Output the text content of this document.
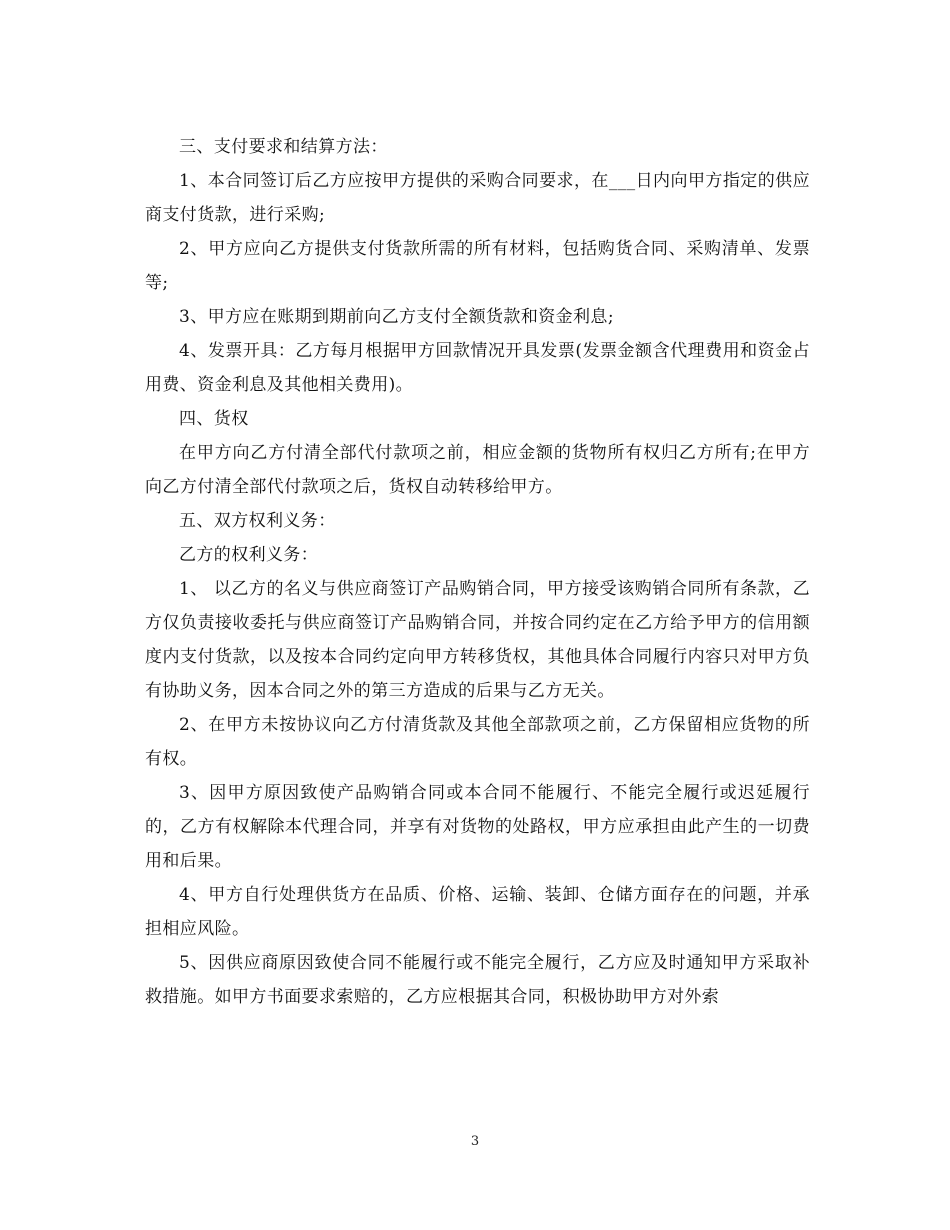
三、支付要求和结算方法：

1、本合同签订后乙方应按甲方提供的采购合同要求，在___日内向甲方指定的供应商支付货款，进行采购;

2、甲方应向乙方提供支付货款所需的所有材料，包括购货合同、采购清单、发票等;

3、甲方应在账期到期前向乙方支付全额货款和资金利息;

4、发票开具：乙方每月根据甲方回款情况开具发票(发票金额含代理费用和资金占用费、资金利息及其他相关费用)。

四、货权

在甲方向乙方付清全部代付款项之前，相应金额的货物所有权归乙方所有;在甲方向乙方付清全部代付款项之后，货权自动转移给甲方。

五、双方权利义务：

乙方的权利义务：

1、 以乙方的名义与供应商签订产品购销合同，甲方接受该购销合同所有条款，乙方仅负责接收委托与供应商签订产品购销合同，并按合同约定在乙方给予甲方的信用额度内支付货款，以及按本合同约定向甲方转移货权，其他具体合同履行内容只对甲方负有协助义务，因本合同之外的第三方造成的后果与乙方无关。

2、在甲方未按协议向乙方付清货款及其他全部款项之前，乙方保留相应货物的所有权。

3、因甲方原因致使产品购销合同或本合同不能履行、不能完全履行或迟延履行的，乙方有权解除本代理合同，并享有对货物的处路权，甲方应承担由此产生的一切费用和后果。

4、甲方自行处理供货方在品质、价格、运输、装卸、仓储方面存在的问题，并承担相应风险。

5、因供应商原因致使合同不能履行或不能完全履行，乙方应及时通知甲方采取补救措施。如甲方书面要求索赔的，乙方应根据其合同，积极协助甲方对外索

3
